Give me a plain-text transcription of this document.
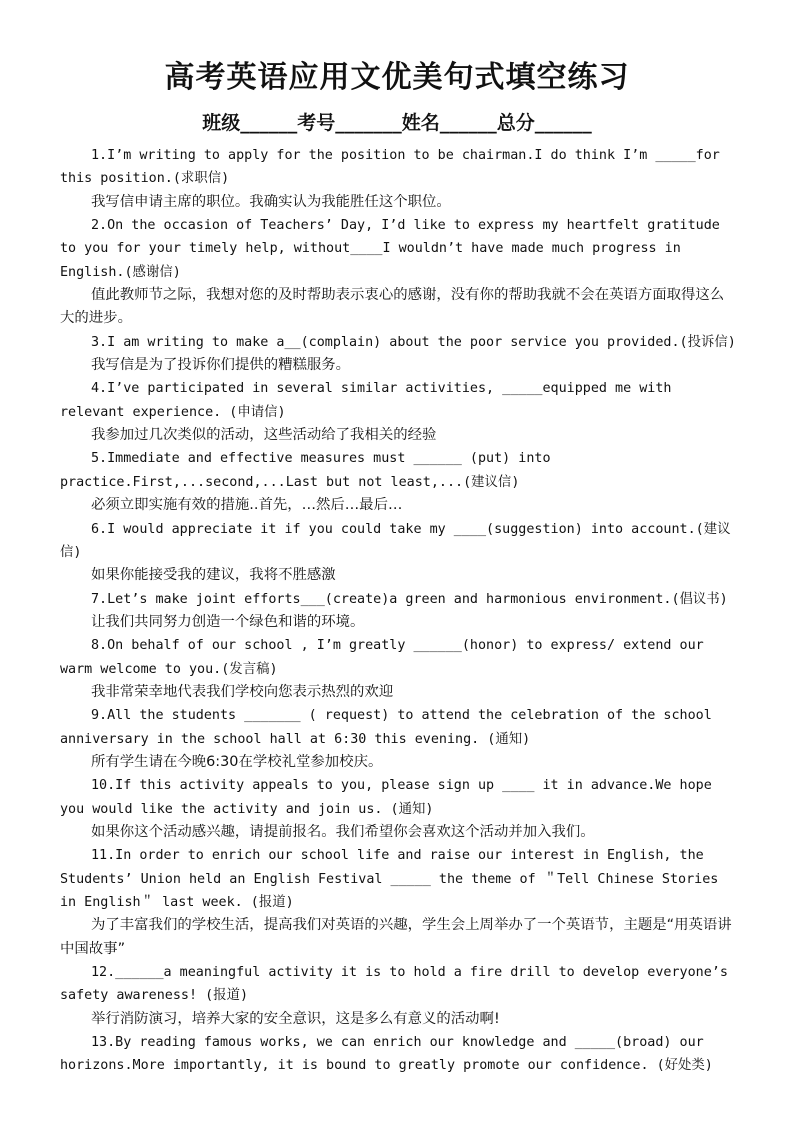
高考英语应用文优美句式填空练习
班级______考号_______姓名______总分______

1.I’m writing to apply for the position to be chairman.I do think I’m _____for this position.(求职信)

我写信申请主席的职位。我确实认为我能胜任这个职位。

2.On the occasion of Teachers’ Day, I’d like to express my heartfelt gratitude to you for your timely help, without____I wouldn’t have made much progress in English.(感谢信)

值此教师节之际，我想对您的及时帮助表示衷心的感谢，没有你的帮助我就不会在英语方面取得这么大的进步。

3.I am writing to make a__(complain) about the poor service you provided.(投诉信)

我写信是为了投诉你们提供的糟糕服务。

4.I’ve participated in several similar activities, _____equipped me with relevant experience. (申请信)

我参加过几次类似的活动，这些活动给了我相关的经验

5.Immediate and effective measures must ______ (put) into practice.First,...second,...Last but not least,...(建议信)

必须立即实施有效的措施..首先，…然后…最后…

6.I would appreciate it if you could take my ____(suggestion) into account.(建议信)

如果你能接受我的建议，我将不胜感激

7.Let’s make joint efforts___(create)a green and harmonious environment.(倡议书)

让我们共同努力创造一个绿色和谐的环境。

8.On behalf of our school , I’m greatly ______(honor) to express/ extend our warm welcome to you.(发言稿)

我非常荣幸地代表我们学校向您表示热烈的欢迎

9.All the students _______ ( request) to attend the celebration of the school anniversary in the school hall at 6:30 this evening. (通知)

所有学生请在今晚6:30在学校礼堂参加校庆。

10.If this activity appeals to you, please sign up ____ it in advance.We hope you would like the activity and join us. (通知)

如果你这个活动感兴趣，请提前报名。我们希望你会喜欢这个活动并加入我们。

11.In order to enrich our school life and raise our interest in English, the Students’ Union held an English Festival _____ the theme of ＂Tell Chinese Stories in English＂ last week. (报道)

为了丰富我们的学校生活，提高我们对英语的兴趣，学生会上周举办了一个英语节，主题是“用英语讲中国故事”

12.______a meaningful activity it is to hold a fire drill to develop everyone’s safety awareness! (报道)

举行消防演习，培养大家的安全意识，这是多么有意义的活动啊!

13.By reading famous works, we can enrich our knowledge and _____(broad) our horizons.More importantly, it is bound to greatly promote our confidence. (好处类)
